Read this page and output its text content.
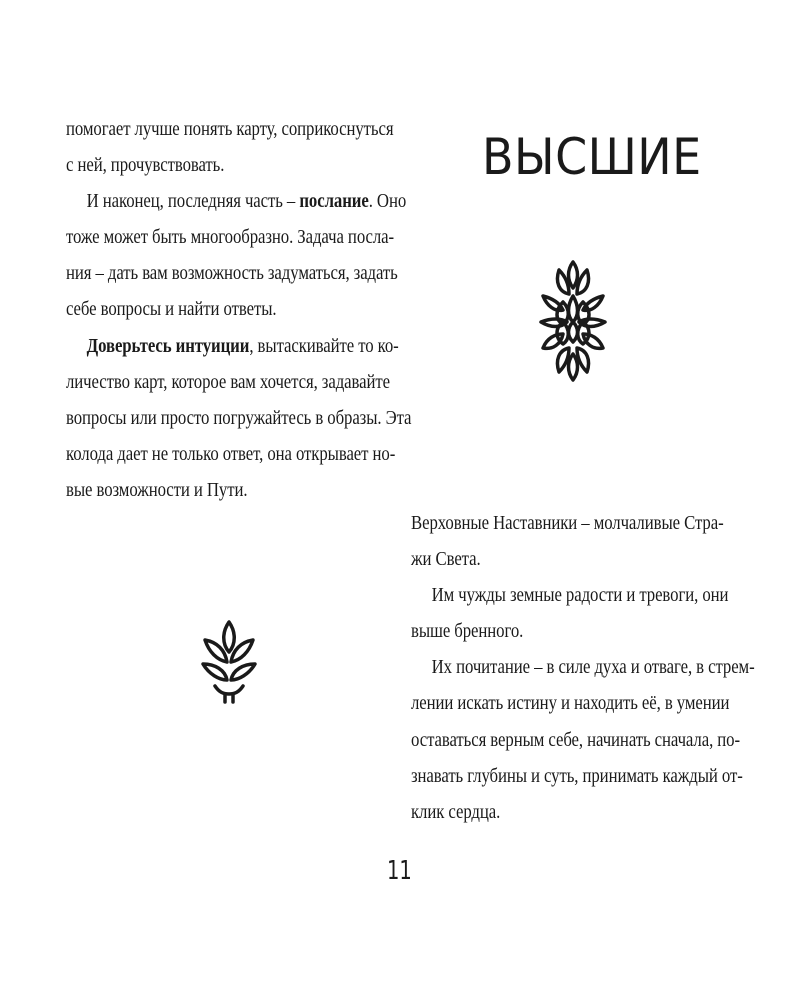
помогает лучше понять карту, соприкоснуться
с ней, прочувствовать.
И наконец, последняя часть – послание. Оно
тоже может быть многообразно. Задача посла-
ния – дать вам возможность задуматься, задать
себе вопросы и найти ответы.
Доверьтесь интуиции, вытаскивайте то ко-
личество карт, которое вам хочется, задавайте
вопросы или просто погружайтесь в образы. Эта
колода дает не только ответ, она открывает но-
вые возможности и Пути.
ВЫСШИЕ
Верховные Наставники – молчаливые Стра-
жи Света.
Им чужды земные радости и тревоги, они
выше бренного.
Их почитание – в силе духа и отваге, в стрем-
лении искать истину и находить её, в умении
оставаться верным себе, начинать сначала, по-
знавать глубины и суть, принимать каждый от-
клик сердца.
11
